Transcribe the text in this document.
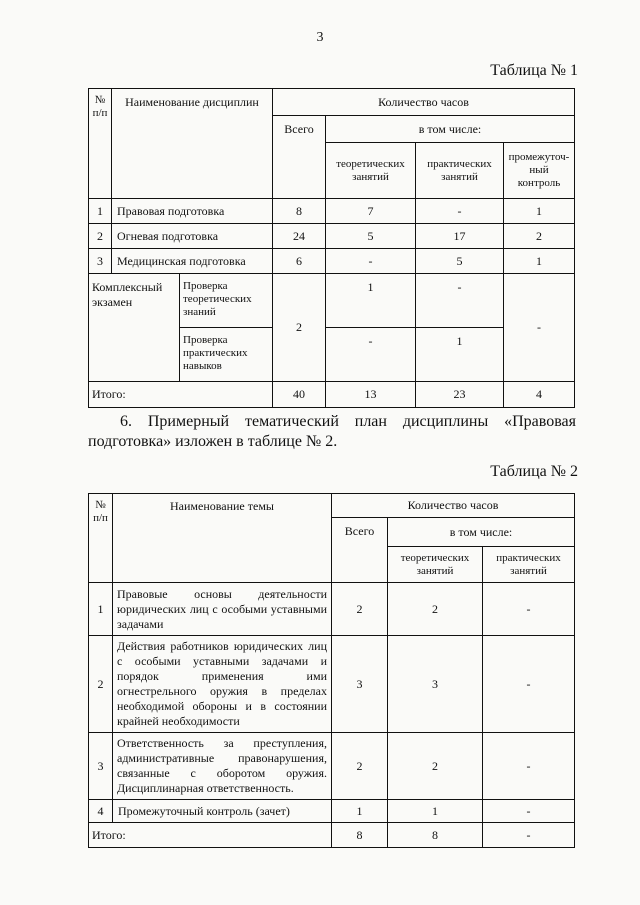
3
Таблица № 1
№ п/п	Наименование дисциплин		Количество часов			
			Всего	в том числе:		
				теоретических занятий	практических занятий	промежуточ-ный контроль
1	Правовая подготовка		8	7	-	1
2	Огневая подготовка		24	5	17	2
3	Медицинская подготовка		6	-	5	1
Комплексный экзамен		Проверка теоретических знаний	2	1	-	-
		Проверка практических навыков		-	1	
Итого:			40	13	23	4
6. Примерный тематический план дисциплины «Правовая подготовка» изложен в таблице № 2.
Таблица № 2
№ п/п	Наименование темы	Количество часов		
		Всего	в том числе:	
			теоретических занятий	практических занятий
1	Правовые основы деятельности юридических лиц с особыми уставными задачами	2	2	-
2	Действия работников юридических лиц с особыми уставными задачами и порядок применения ими огнестрельного оружия в пределах необходимой обороны и в состоянии крайней необходимости	3	3	-
3	Ответственность за преступления, административные правонарушения, связанные с оборотом оружия. Дисциплинарная ответственность.	2	2	-
4	Промежуточный контроль (зачет)	1	1	-
Итого:		8	8	-
